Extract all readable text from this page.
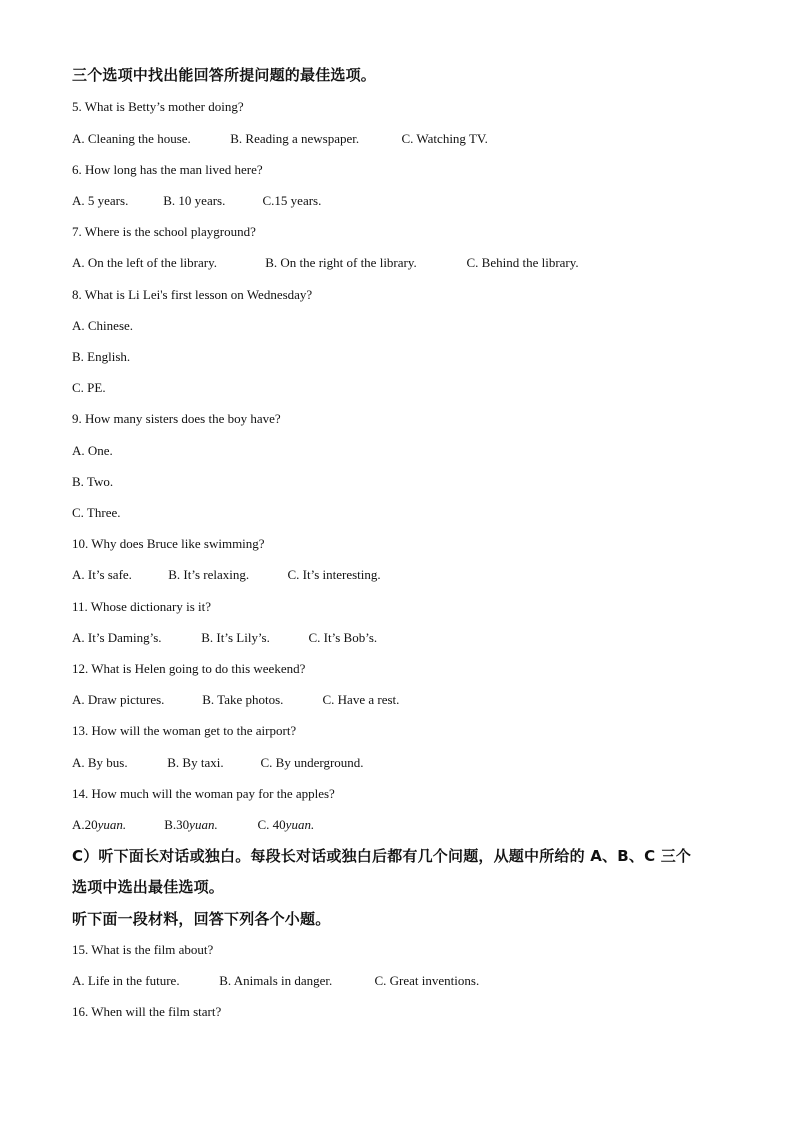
三个选项中找出能回答所提问题的最佳选项。
5. What is Betty’s mother doing?
A. Cleaning the house.	B. Reading a newspaper.	C. Watching TV.
6. How long has the man lived here?
A. 5 years.	B. 10 years.	C.15 years.
7. Where is the school playground?
A. On the left of the library.	B. On the right of the library.	C. Behind the library.
8. What is Li Lei's first lesson on Wednesday?
A. Chinese.
B. English.
C. PE.
9. How many sisters does the boy have?
A. One.
B. Two.
C. Three.
10. Why does Bruce like swimming?
A. It’s safe.	B. It’s relaxing.	C. It’s interesting.
11. Whose dictionary is it?
A. It’s Daming’s.	B. It’s Lily’s.	C. It’s Bob’s.
12. What is Helen going to do this weekend?
A. Draw pictures.	B. Take photos.	C. Have a rest.
13. How will the woman get to the airport?
A. By bus.	B. By taxi.	C. By underground.
14. How much will the woman pay for the apples?
A.20yuan.	B.30yuan.	C. 40yuan.
C）听下面长对话或独白。每段长对话或独白后都有几个问题，从题中所给的 A、B、C 三个
选项中选出最佳选项。
听下面一段材料，回答下列各个小题。
15. What is the film about?
A. Life in the future.	B. Animals in danger.	C. Great inventions.
16. When will the film start?
